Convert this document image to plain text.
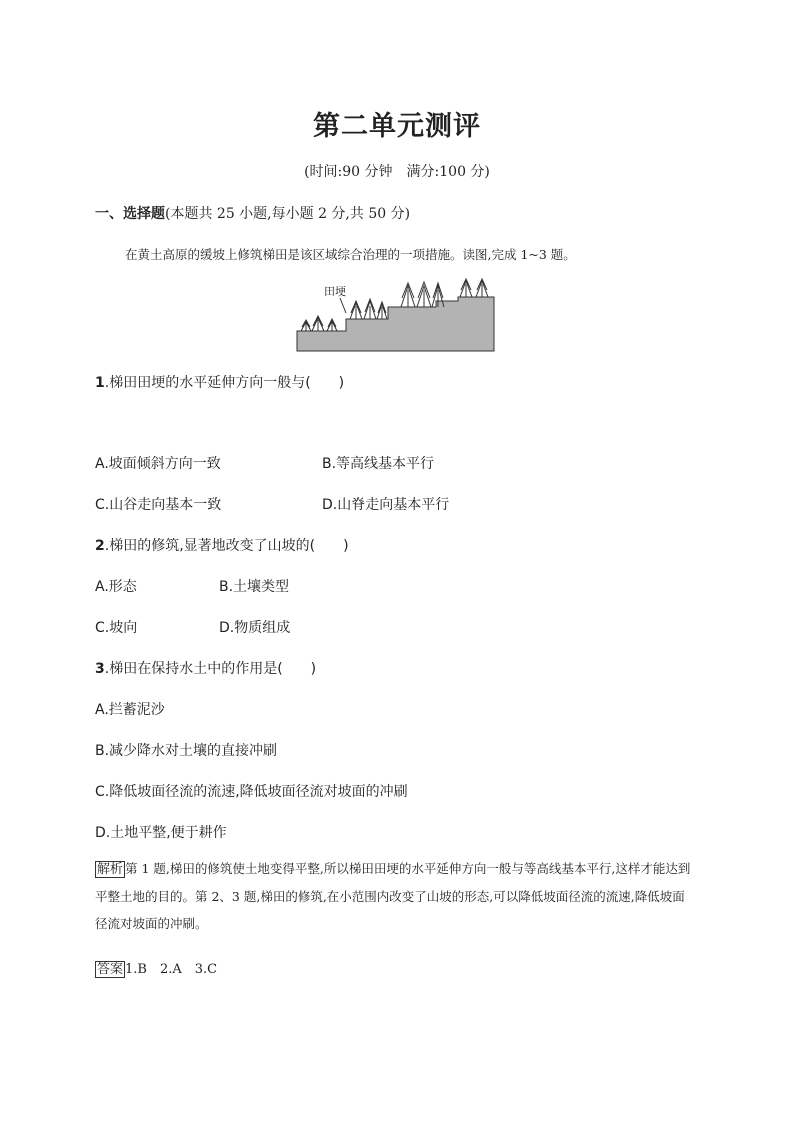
第二单元测评
(时间:90 分钟　满分:100 分)
一、选择题(本题共 25 小题,每小题 2 分,共 50 分)
在黄土高原的缓坡上修筑梯田是该区域综合治理的一项措施。读图,完成 1~3 题。
田埂
1.梯田田埂的水平延伸方向一般与(　　)
A.坡面倾斜方向一致	B.等高线基本平行
C.山谷走向基本一致	D.山脊走向基本平行
2.梯田的修筑,显著地改变了山坡的(　　)
A.形态	B.土壤类型
C.坡向	D.物质组成
3.梯田在保持水土中的作用是(　　)
A.拦蓄泥沙
B.减少降水对土壤的直接冲刷
C.降低坡面径流的流速,降低坡面径流对坡面的冲刷
D.土地平整,便于耕作
解析 第 1 题,梯田的修筑使土地变得平整,所以梯田田埂的水平延伸方向一般与等高线基本平行,这样才能达到平整土地的目的。第 2、3 题,梯田的修筑,在小范围内改变了山坡的形态,可以降低坡面径流的流速,降低坡面径流对坡面的冲刷。
答案 1.B　2.A　3.C
